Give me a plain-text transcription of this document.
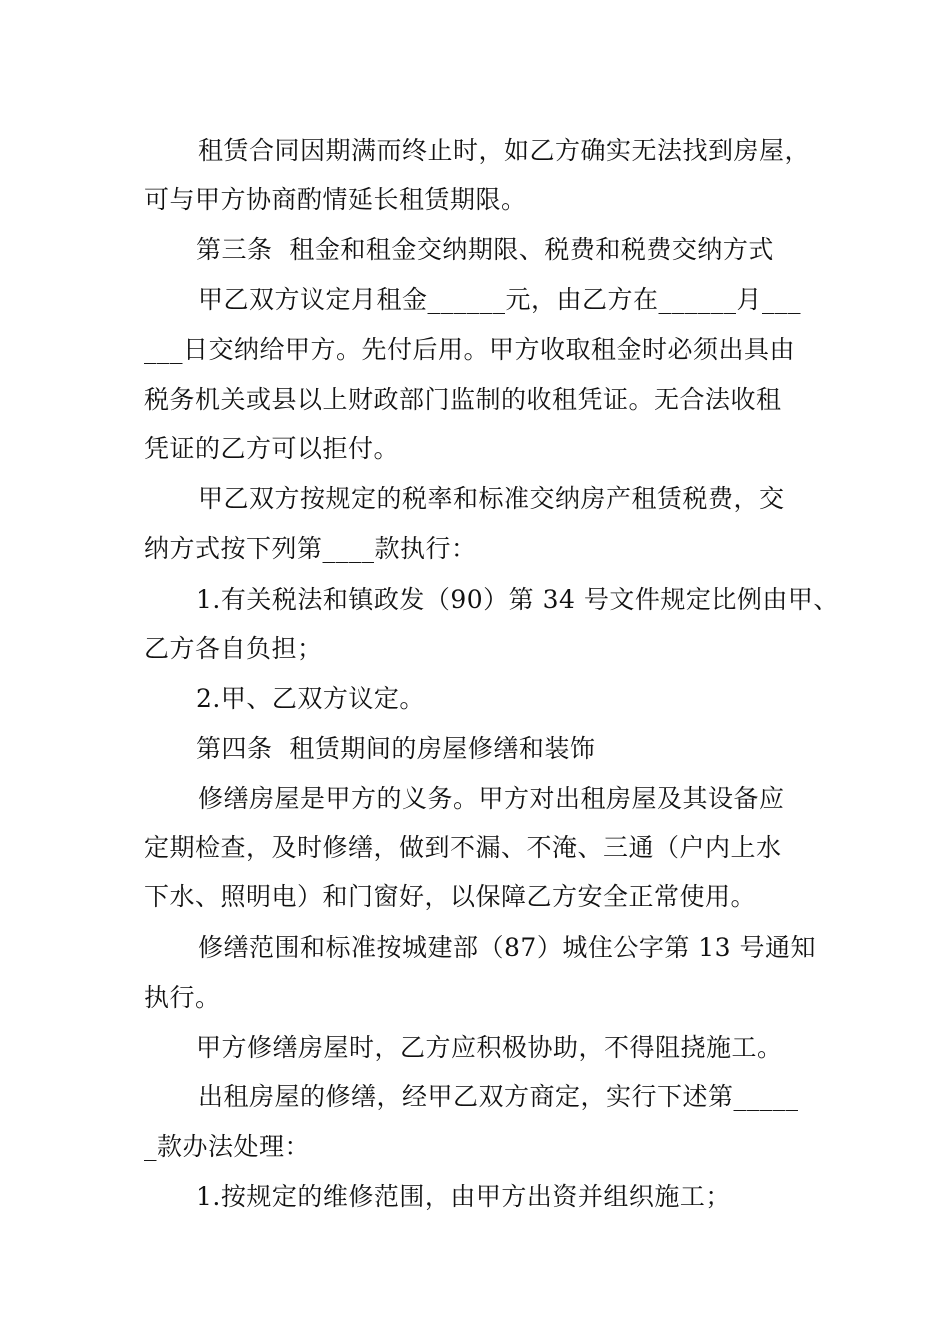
租赁合同因期满而终止时，如乙方确实无法找到房屋，
可与甲方协商酌情延长租赁期限。
第三条  租金和租金交纳期限、税费和税费交纳方式
甲乙双方议定月租金______元，由乙方在______月___
___日交纳给甲方。先付后用。甲方收取租金时必须出具由
税务机关或县以上财政部门监制的收租凭证。无合法收租
凭证的乙方可以拒付。
甲乙双方按规定的税率和标准交纳房产租赁税费，交
纳方式按下列第____款执行：
1.有关税法和镇政发（90）第 34 号文件规定比例由甲、
乙方各自负担；
2.甲、乙双方议定。
第四条  租赁期间的房屋修缮和装饰
修缮房屋是甲方的义务。甲方对出租房屋及其设备应
定期检查，及时修缮，做到不漏、不淹、三通（户内上水
下水、照明电）和门窗好，以保障乙方安全正常使用。
修缮范围和标准按城建部（87）城住公字第 13 号通知
执行。
甲方修缮房屋时，乙方应积极协助，不得阻挠施工。
出租房屋的修缮，经甲乙双方商定，实行下述第_____
_款办法处理：
1.按规定的维修范围，由甲方出资并组织施工；
